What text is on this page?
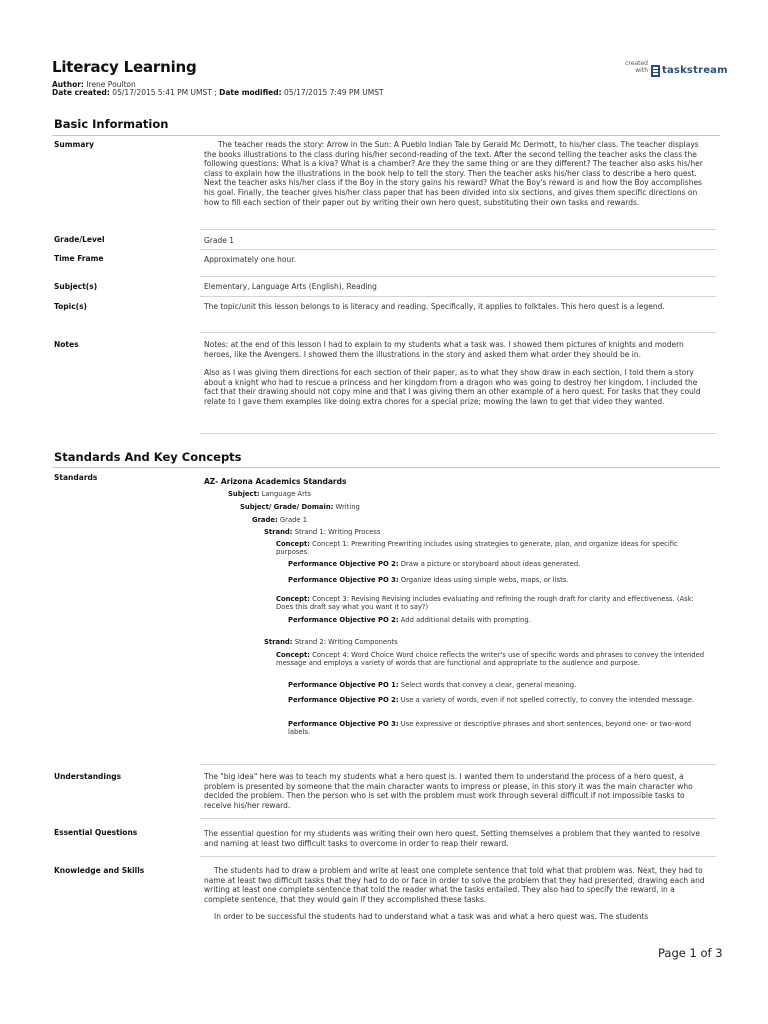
Literacy Learning
Author: Irene Poulton
Date created: 05/17/2015 5:41 PM UMST ; Date modified: 05/17/2015 7:49 PM UMST
created
with taskstream
Basic Information
Summary	The teacher reads the story: Arrow in the Sun: A Pueblo Indian Tale by Gerald Mc Dermott, to his/her class. The teacher displays the books illustrations to the class during his/her second-reading of the text. After the second telling the teacher asks the class the following questions: What is a kiva? What is a chamber? Are they the same thing or are they different? The teacher also asks his/her class to explain how the illustrations in the book help to tell the story. Then the teacher asks his/her class to describe a hero quest. Next the teacher asks his/her class if the Boy in the story gains his reward? What the Boy's reward is and how the Boy accomplishes his goal. Finally, the teacher gives his/her class paper that has been divided into six sections, and gives them specific directions on how to fill each section of their paper out by writing their own hero quest, substituting their own tasks and rewards.
Grade/Level	Grade 1
Time Frame	Approximately one hour.
Subject(s)	Elementary, Language Arts (English), Reading
Topic(s)	The topic/unit this lesson belongs to is literacy and reading. Specifically, it applies to folktales. This hero quest is a legend.
Notes	Notes: at the end of this lesson I had to explain to my students what a task was. I showed them pictures of knights and modern heroes, like the Avengers. I showed them the illustrations in the story and asked them what order they should be in.

Also as I was giving them directions for each section of their paper, as to what they show draw in each section, I told them a story about a knight who had to rescue a princess and her kingdom from a dragon who was going to destroy her kingdom. I included the fact that their drawing should not copy mine and that I was giving them an other example of a hero quest. For tasks that they could relate to I gave them examples like doing extra chores for a special prize; mowing the lawn to get that video they wanted.

Standards And Key Concepts
Standards	AZ- Arizona Academics Standards
Subject: Language Arts
Subject/ Grade/ Domain: Writing
Grade: Grade 1
Strand: Strand 1: Writing Process
Concept: Concept 1: Prewriting Prewriting includes using strategies to generate, plan, and organize ideas for specific purposes.
Performance Objective PO 2: Draw a picture or storyboard about ideas generated.
Performance Objective PO 3: Organize ideas using simple webs, maps, or lists.
Concept: Concept 3: Revising Revising includes evaluating and refining the rough draft for clarity and effectiveness. (Ask: Does this draft say what you want it to say?)
Performance Objective PO 2: Add additional details with prompting.
Strand: Strand 2: Writing Components
Concept: Concept 4: Word Choice Word choice reflects the writer's use of specific words and phrases to convey the intended message and employs a variety of words that are functional and appropriate to the audience and purpose.
Performance Objective PO 1: Select words that convey a clear, general meaning.
Performance Objective PO 2: Use a variety of words, even if not spelled correctly, to convey the intended message.
Performance Objective PO 3: Use expressive or descriptive phrases and short sentences, beyond one- or two-word labels.
Understandings	The "big idea" here was to teach my students what a hero quest is. I wanted them to understand the process of a hero quest, a problem is presented by someone that the main character wants to impress or please, in this story it was the main character who decided the problem. Then the person who is set with the problem must work through several difficult if not impossible tasks to receive his/her reward.
Essential Questions	The essential question for my students was writing their own hero quest. Setting themselves a problem that they wanted to resolve and naming at least two difficult tasks to overcome in order to reap their reward.
Knowledge and Skills	The students had to draw a problem and write at least one complete sentence that told what that problem was. Next, they had to name at least two difficult tasks that they had to do or face in order to solve the problem that they had presented, drawing each and writing at least one complete sentence that told the reader what the tasks entailed. They also had to specify the reward, in a complete sentence, that they would gain if they accomplished these tasks.

In order to be successful the students had to understand what a task was and what a hero quest was. The students

Page 1 of 3
